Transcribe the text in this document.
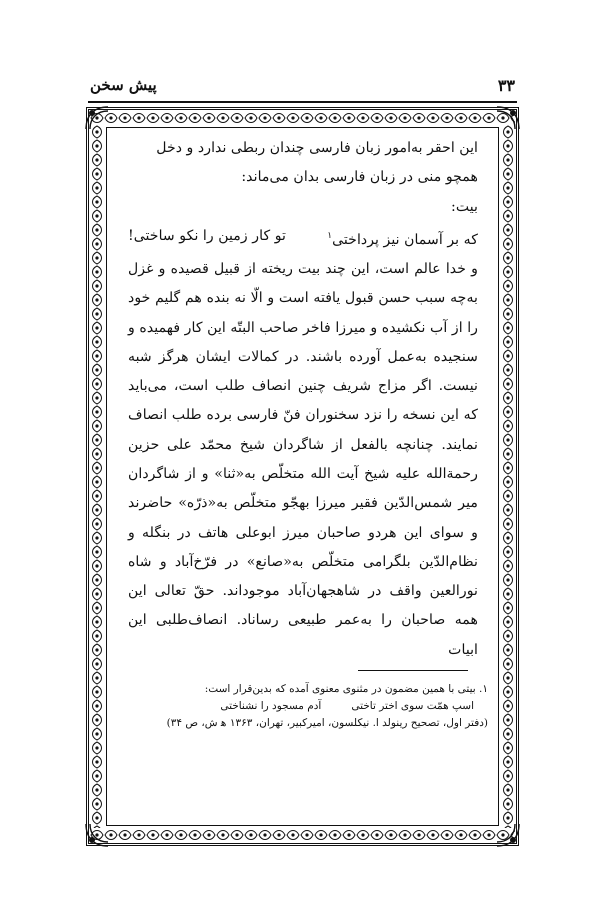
۳۳
پیش سخن

این احقر به‌امور زبان فارسی چندان ربطی ندارد و دخل

همچو منی در زبان فارسی بدان می‌ماند:

بیت:

که بر آسمان نیز پرداختی$^۱$
تو کار زمین را نکو ساختی!

و خدا عالم است، این چند بیت ریخته از قبیل قصیده و غزل به‌چه سبب حسن قبول یافته است و الّا نه بنده هم گلیم خود را از آب نکشیده و میرزا فاخر صاحب البتّه این کار فهمیده و سنجیده به‌عمل آورده باشند. در کمالات ایشان هرگز شبه نیست. اگر مزاج شریف چنین انصاف طلب است، می‌باید که این نسخه را نزد سخنوران فنّ فارسی برده طلب انصاف نمایند. چنانچه بالفعل از شاگردان شیخ محمّد علی حزین رحمةالله علیه شیخ آیت الله متخلّص به«ثنا» و از شاگردان میر شمس‌الدّین فقیر میرزا بهجّو متخلّص به«ذرّه» حاضرند و سوای این هردو صاحبان میرز ابوعلی هاتف در بنگله و نظام‌الدّین بلگرامی متخلّص به«صانع» در فرّخ‌آباد و شاه نورالعین واقف در شاهجهان‌آباد موجوداند. حقّ تعالی این همه صاحبان را به‌عمر طبیعی رساناد. انصاف‌طلبی این ابیات

۱. بیتی با همین مضمون در مثنوی معنوی آمده که بدین‌قرار است:

اسپ همّت سوی اختر تاختی
آدم مسجود را نشناختی

(دفتر اول، تصحیح رینولد ا. نیکلسون، امیرکبیر، تهران، ۱۳۶۳ ه‍ ش، ص ۳۴)
